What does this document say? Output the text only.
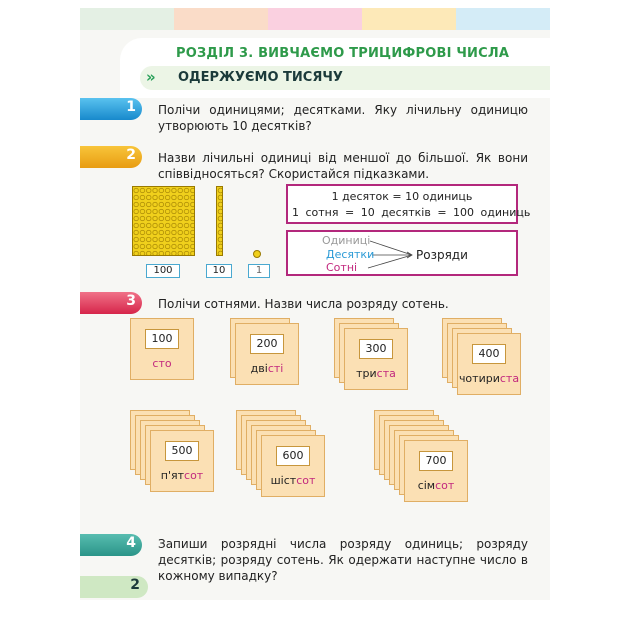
РОЗДІЛ 3. ВИВЧАЄМО ТРИЦИФРОВІ ЧИСЛА
» ОДЕРЖУЄМО ТИСЯЧУ
1 Полічи одиницями; десятками. Яку лічильну одиницю утворюють 10 десятків?
2 Назви лічильні одиниці від меншої до більшої. Як вони співвідносяться? Скористайся підказками.
100	10	1
1 десяток = 10 одиниць
1 сотня = 10 десятків = 100 одиниць
Одиниці
Десятки
Сотні
Розряди
3 Полічи сотнями. Назви числа розряду сотень.
100
сто
200
двісті
300
триста
400
чотириста
500
п'ятсот
600
шістсот
700
сімсот
4 Запиши розрядні числа розряду одиниць; розряду десятків; розряду сотень. Як одержати наступне число в кожному випадку?
2
